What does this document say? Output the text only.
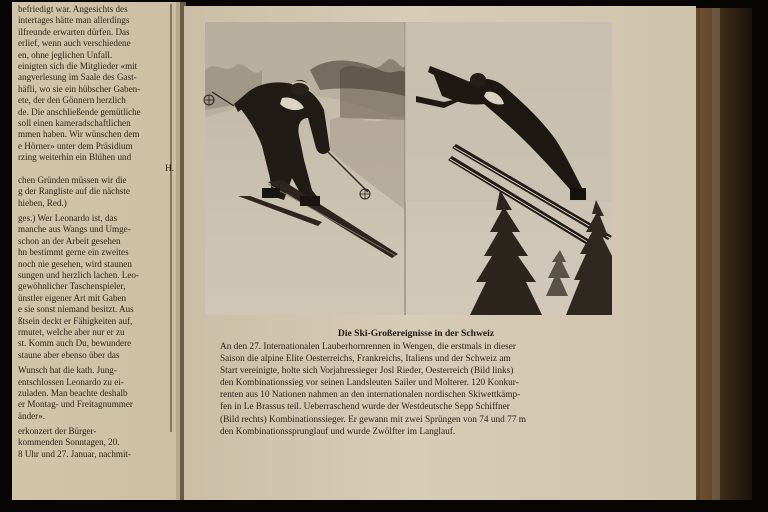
befriedigt war. Angesichts des
intertages hätte man allerdings
ilfreunde erwarten dürfen. Das
erlief, wenn auch verschiedene
en, ohne jeglichen Unfall.
einigten sich die Mitglieder «mit
angverlesung im Saale des Gast-
häfli, wo sie ein hübscher Gaben-
ete, der den Gönnern herzlich
de. Die anschließende gemütliche
soll einen kameradschaftlichen
mmen haben. Wir wünschen dem
e Hörner» unter dem Präsidium
rzing weiterhin ein Blühen und
H.
chen Gründen müssen wir die
g der Rangliste auf die nächste
hieben, Red.)
ges.) Wer Leonardo ist, das
manche aus Wangs und Umge-
schon an der Arbeit gesehen
hn bestimmt gerne ein zweites
noch nie gesehen, wird staunen
sungen und herzlich lachen. Leo-
gewöhnlicher Taschenspieler,
ünstler eigener Art mit Gaben
e sie sonst niemand besitzt. Aus
ßtsein deckt er Fähigkeiten auf,
rmutet, welche aber nur er zu
st. Komm auch Du, bewundere
staune aber ebenso über das
Wunsch hat die kath. Jung-
entschlossen Leonardo zu ei-
zuladen. Man beachte deshalb
er Montag- und Freitagnummer
änder».
erkonzert der Bürger-
kommenden Sonntagen, 20.
8 Uhr und 27. Januar, nachmit-
Die Ski-Großereignisse in der Schweiz
An den 27. Internationalen Lauberhornrennen in Wengen, die erstmals in dieser
Saison die alpine Elite Oesterreichs, Frankreichs, Italiens und der Schweiz am
Start vereinigte, holte sich Vorjahressieger Josl Rieder, Oesterreich (Bild links)
den Kombinationssieg vor seinen Landsleuten Sailer und Molterer. 120 Konkur-
renten aus 10 Nationen nahmen an den internationalen nordischen Skiwettkämp-
fen in Le Brassus teil. Ueberraschend wurde der Westdeutsche Sepp Schiffner
(Bild rechts) Kombinationssieger. Er gewann mit zwei Sprüngen von 74 und 77 m
den Kombinationssprunglauf und wurde Zwölfter im Langlauf.
